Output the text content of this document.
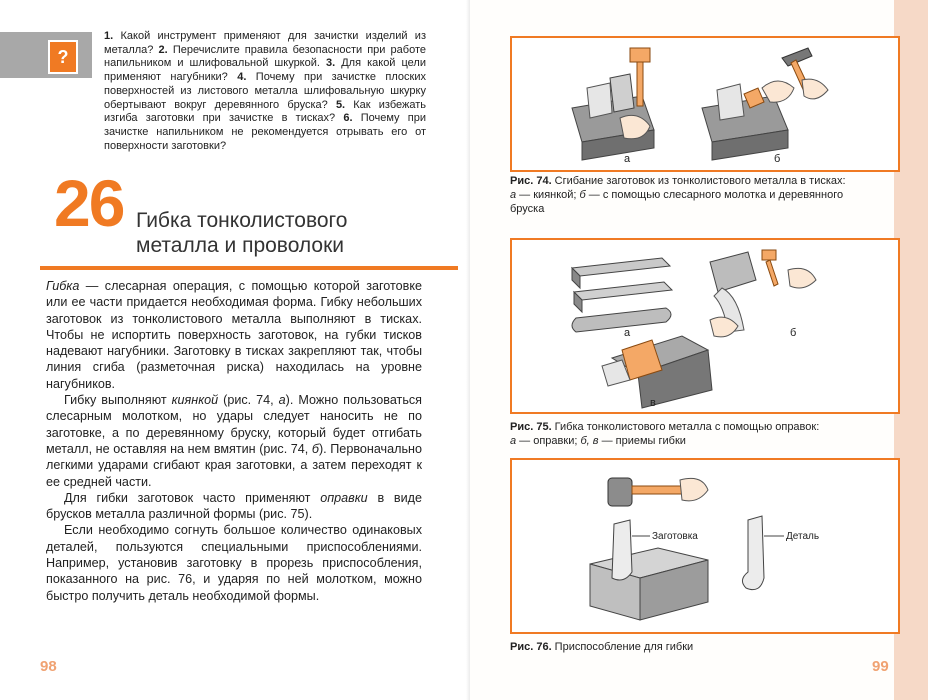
?
1. Какой инструмент применяют для зачистки изделий из металла? 2. Перечислите правила безопасности при работе напильником и шлифовальной шкуркой. 3. Для какой цели применяют нагубники? 4. Почему при зачистке плоских поверхностей из листового металла шлифовальную шкурку обертывают вокруг деревянного бруска? 5. Как избежать изгиба заготовки при зачистке в тисках? 6. Почему при зачистке напильником не рекомендуется отрывать его от поверхности заготовки?
26 Гибка тонколистового
металла и проволоки

Гибка — слесарная операция, с помощью которой заготовке или ее части придается необходимая форма. Гибку небольших заготовок из тонколистового металла выполняют в тисках. Чтобы не испортить поверхность заготовок, на губки тисков надевают нагубники. Заготовку в тисках закрепляют так, чтобы линия сгиба (разметочная риска) находилась на уровне нагубников.

Гибку выполняют киянкой (рис. 74, а). Можно пользоваться слесарным молотком, но удары следует наносить не по заготовке, а по деревянному бруску, который будет отгибать металл, не оставляя на нем вмятин (рис. 74, б). Первоначально легкими ударами сгибают края заготовки, а затем переходят к ее средней части.

Для гибки заготовок часто применяют оправки в виде брусков металла различной формы (рис. 75).

Если необходимо согнуть большое количество одинаковых деталей, пользуются специальными приспособлениями. Например, установив заготовку в прорезь приспособления, показанного на рис. 76, и ударяя по ней молотком, можно быстро получить деталь необходимой формы.

98
а	б
Рис. 74. Сгибание заготовок из тонколистового металла в тисках:
а — киянкой; б — с помощью слесарного молотка и деревянного бруска
а	б
в
Рис. 75. Гибка тонколистового металла с помощью оправок:
а — оправки; б, в — приемы гибки
Заготовка	Деталь
Рис. 76. Приспособление для гибки
99
